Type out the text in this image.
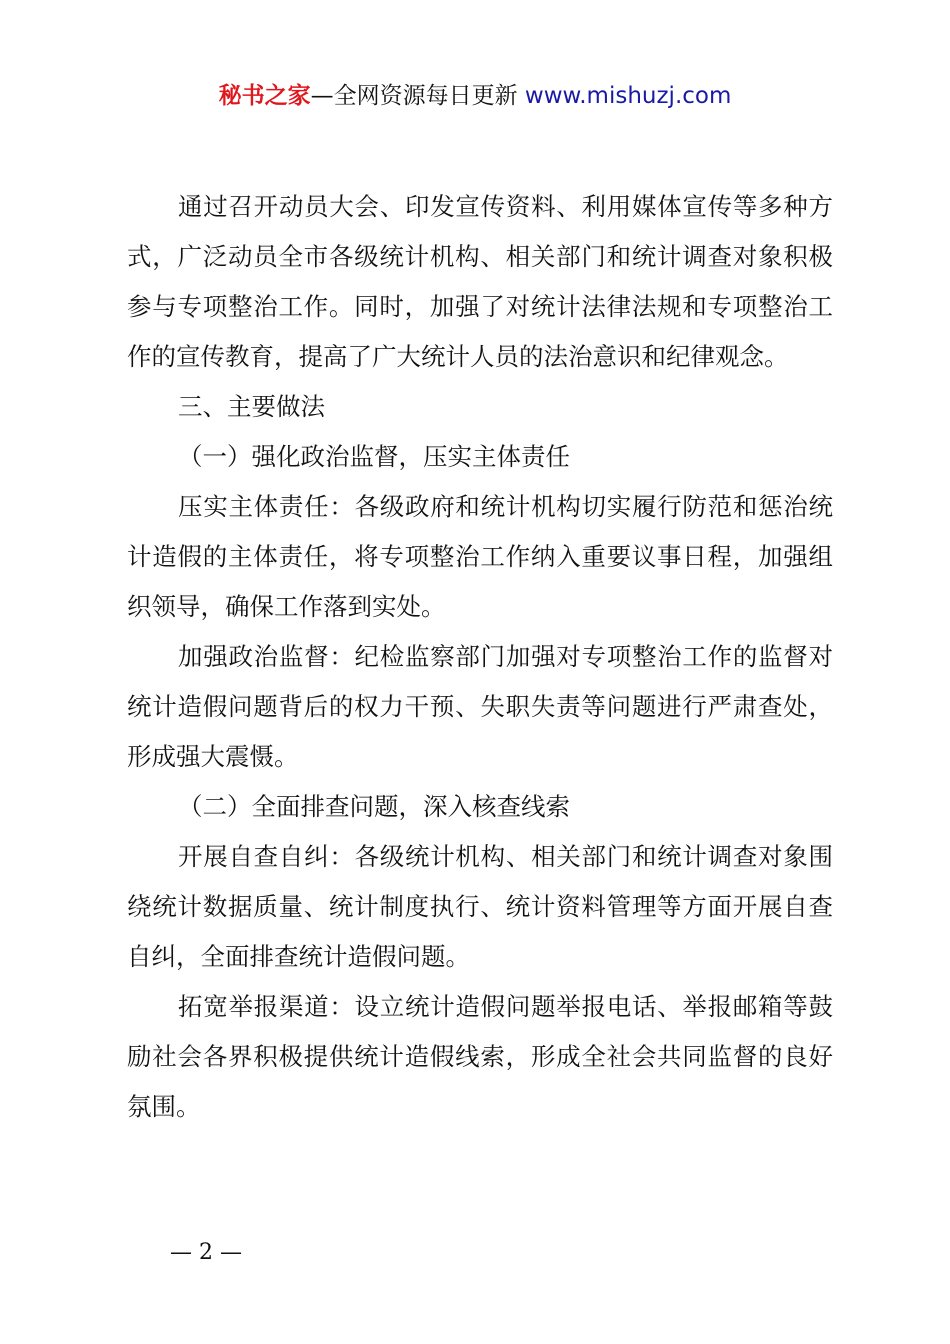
秘书之家—全网资源每日更新 www.mishuzj.com

通过召开动员大会、印发宣传资料、利用媒体宣传等多种方式，广泛动员全市各级统计机构、相关部门和统计调查对象积极参与专项整治工作。同时，加强了对统计法律法规和专项整治工作的宣传教育，提高了广大统计人员的法治意识和纪律观念。

三、主要做法

（一）强化政治监督，压实主体责任

压实主体责任：各级政府和统计机构切实履行防范和惩治统计造假的主体责任，将专项整治工作纳入重要议事日程，加强组织领导，确保工作落到实处。

加强政治监督：纪检监察部门加强对专项整治工作的监督对统计造假问题背后的权力干预、失职失责等问题进行严肃查处，形成强大震慑。

（二）全面排查问题，深入核查线索

开展自查自纠：各级统计机构、相关部门和统计调查对象围绕统计数据质量、统计制度执行、统计资料管理等方面开展自查自纠，全面排查统计造假问题。

拓宽举报渠道：设立统计造假问题举报电话、举报邮箱等鼓励社会各界积极提供统计造假线索，形成全社会共同监督的良好氛围。

— 2 —
